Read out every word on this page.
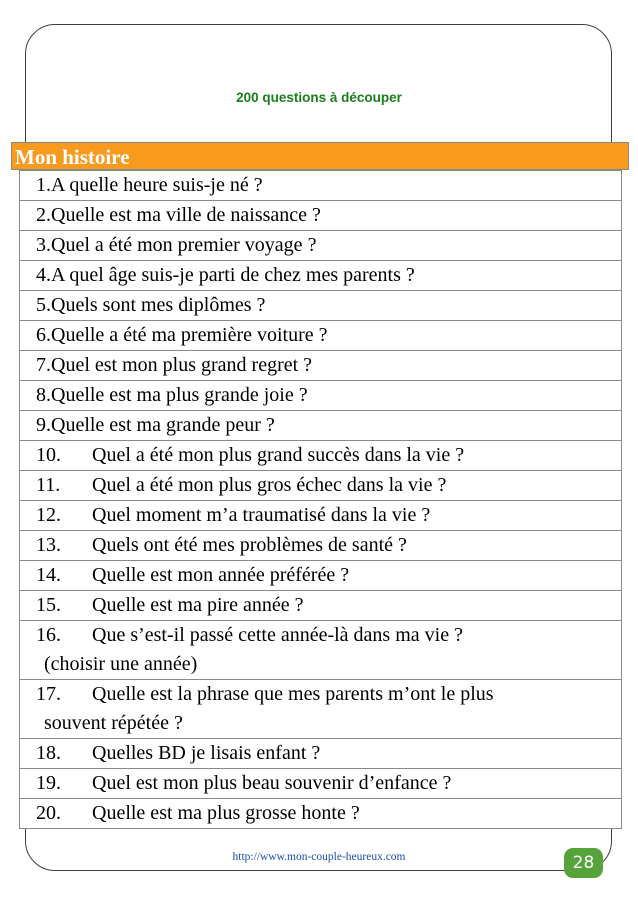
200 questions à découper
Mon histoire
1.A quelle heure suis-je né ?
2.Quelle est ma ville de naissance ?
3.Quel a été mon premier voyage ?
4.A quel âge suis-je parti de chez mes parents ?
5.Quels sont mes diplômes ?
6.Quelle a été ma première voiture ?
7.Quel est mon plus grand regret ?
8.Quelle est ma plus grande joie ?
9.Quelle est ma grande peur ?
10. Quel a été mon plus grand succès dans la vie ?
11. Quel a été mon plus gros échec dans la vie ?
12. Quel moment m’a traumatisé dans la vie ?
13. Quels ont été mes problèmes de santé ?
14. Quelle est mon année préférée ?
15. Quelle est ma pire année ?
16. Que s’est-il passé cette année-là dans ma vie ?
(choisir une année)
17. Quelle est la phrase que mes parents m’ont le plus
souvent répétée ?
18. Quelles BD je lisais enfant ?
19. Quel est mon plus beau souvenir d’enfance ?
20. Quelle est ma plus grosse honte ?
http://www.mon-couple-heureux.com	28
